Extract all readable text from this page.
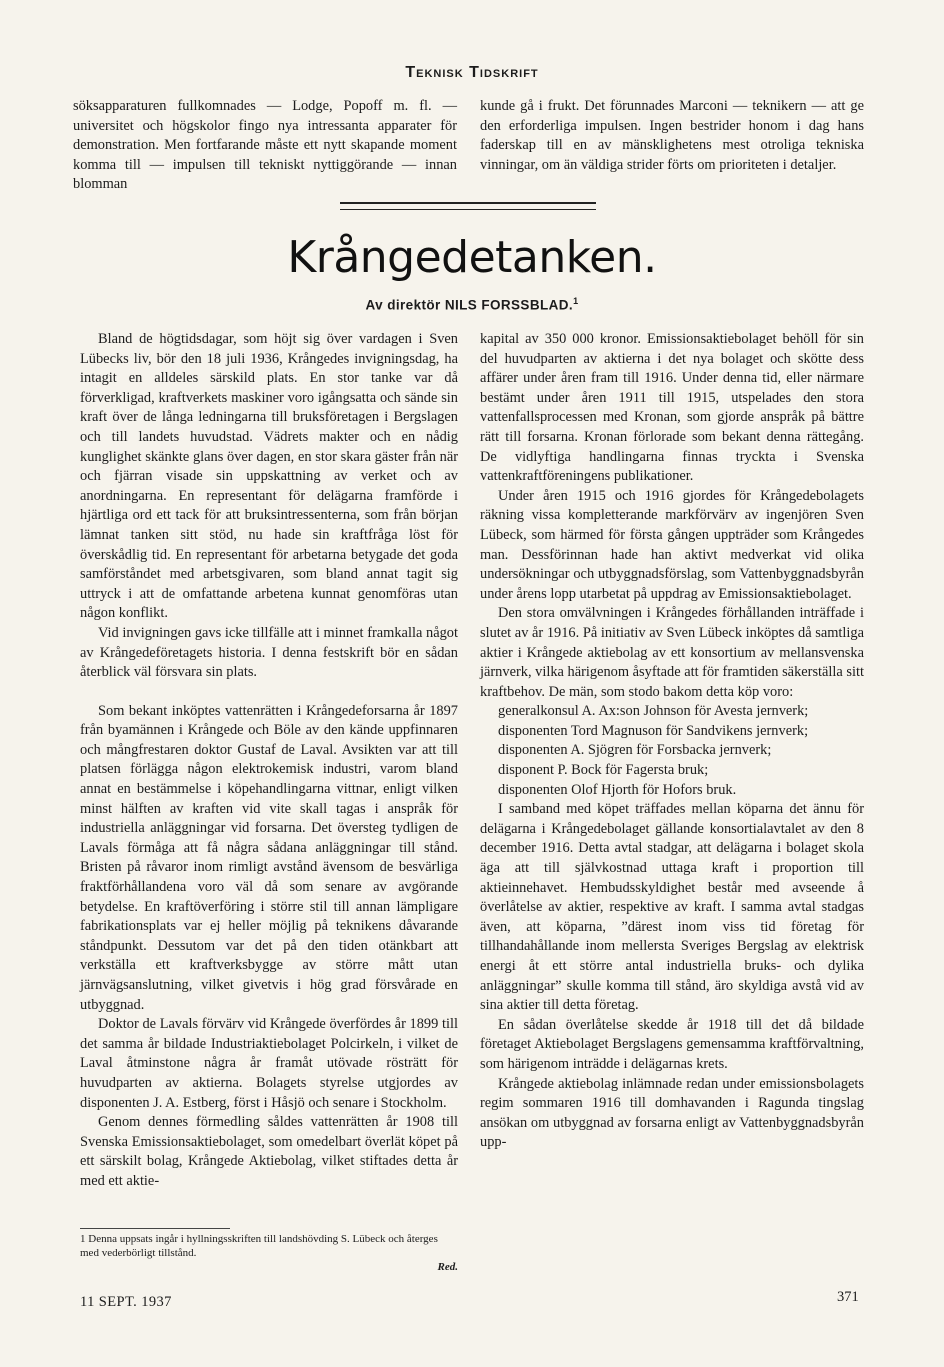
Teknisk Tidskrift

söksapparaturen fullkomnades — Lodge, Popoff m. fl. — universitet och högskolor fingo nya intressanta apparater för demonstration. Men fortfarande måste ett nytt skapande moment komma till — impulsen till tekniskt nyttiggörande — innan blomman

kunde gå i frukt. Det förunnades Marconi — teknikern — att ge den erforderliga impulsen. Ingen bestrider honom i dag hans faderskap till en av mänsklighetens mest otroliga tekniska vinningar, om än väldiga strider förts om prioriteten i detaljer.

Krångedetanken.
Av direktör NILS FORSSBLAD.$^1$

Bland de högtidsdagar, som höjt sig över vardagen i Sven Lübecks liv, bör den 18 juli 1936, Krångedes invigningsdag, ha intagit en alldeles särskild plats. En stor tanke var då förverkligad, kraftverkets maskiner voro igångsatta och sände sin kraft över de långa ledningarna till bruksföretagen i Bergslagen och till landets huvudstad. Vädrets makter och en nådig kunglighet skänkte glans över dagen, en stor skara gäster från när och fjärran visade sin uppskattning av verket och av anordningarna. En representant för delägarna framförde i hjärtliga ord ett tack för att bruksintressenterna, som från början lämnat tanken sitt stöd, nu hade sin kraftfråga löst för överskådlig tid. En representant för arbetarna betygade det goda samförståndet med arbetsgivaren, som bland annat tagit sig uttryck i att de omfattande arbetena kunnat genomföras utan någon konflikt.

Vid invigningen gavs icke tillfälle att i minnet framkalla något av Krångedeföretagets historia. I denna festskrift bör en sådan återblick väl försvara sin plats.

Som bekant inköptes vattenrätten i Krångedeforsarna år 1897 från byamännen i Krångede och Böle av den kände uppfinnaren och mångfrestaren doktor Gustaf de Laval. Avsikten var att till platsen förlägga någon elektrokemisk industri, varom bland annat en bestämmelse i köpehandlingarna vittnar, enligt vilken minst hälften av kraften vid vite skall tagas i anspråk för industriella anläggningar vid forsarna. Det översteg tydligen de Lavals förmåga att få några sådana anläggningar till stånd. Bristen på råvaror inom rimligt avstånd ävensom de besvärliga fraktförhållandena voro väl då som senare av avgörande betydelse. En kraftöverföring i större stil till annan lämpligare fabrikationsplats var ej heller möjlig på teknikens dåvarande ståndpunkt. Dessutom var det på den tiden otänkbart att verkställa ett kraftverksbygge av större mått utan järnvägsanslutning, vilket givetvis i hög grad försvårade en utbyggnad.

Doktor de Lavals förvärv vid Krångede överfördes år 1899 till det samma år bildade Industriaktiebolaget Polcirkeln, i vilket de Laval åtminstone några år framåt utövade rösträtt för huvudparten av aktierna. Bolagets styrelse utgjordes av disponenten J. A. Estberg, först i Håsjö och senare i Stockholm.

Genom dennes förmedling såldes vattenrätten år 1908 till Svenska Emissionsaktiebolaget, som omedelbart överlät köpet på ett särskilt bolag, Krångede Aktiebolag, vilket stiftades detta år med ett aktie-

kapital av 350 000 kronor. Emissionsaktiebolaget behöll för sin del huvudparten av aktierna i det nya bolaget och skötte dess affärer under åren fram till 1916. Under denna tid, eller närmare bestämt under åren 1911 till 1915, utspelades den stora vattenfallsprocessen med Kronan, som gjorde anspråk på bättre rätt till forsarna. Kronan förlorade som bekant denna rättegång. De vidlyftiga handlingarna finnas tryckta i Svenska vattenkraftföreningens publikationer.

Under åren 1915 och 1916 gjordes för Krångedebolagets räkning vissa kompletterande markförvärv av ingenjören Sven Lübeck, som härmed för första gången uppträder som Krångedes man. Dessförinnan hade han aktivt medverkat vid olika undersökningar och utbyggnadsförslag, som Vattenbyggnadsbyrån under årens lopp utarbetat på uppdrag av Emissionsaktiebolaget.

Den stora omvälvningen i Krångedes förhållanden inträffade i slutet av år 1916. På initiativ av Sven Lübeck inköptes då samtliga aktier i Krångede aktiebolag av ett konsortium av mellansvenska järnverk, vilka härigenom åsyftade att för framtiden säkerställa sitt kraftbehov. De män, som stodo bakom detta köp voro:

generalkonsul A. Ax:son Johnson för Avesta jernverk;

disponenten Tord Magnuson för Sandvikens jernverk;

disponenten A. Sjögren för Forsbacka jernverk;

disponent P. Bock för Fagersta bruk;

disponenten Olof Hjorth för Hofors bruk.

I samband med köpet träffades mellan köparna det ännu för delägarna i Krångedebolaget gällande konsortialavtalet av den 8 december 1916. Detta avtal stadgar, att delägarna i bolaget skola äga att till självkostnad uttaga kraft i proportion till aktieinnehavet. Hembudsskyldighet består med avseende å överlåtelse av aktier, respektive av kraft. I samma avtal stadgas även, att köparna, ”därest inom viss tid företag för tillhandahållande inom mellersta Sveriges Bergslag av elektrisk energi åt ett större antal industriella bruks- och dylika anläggningar” skulle komma till stånd, äro skyldiga avstå vid av sina aktier till detta företag.

En sådan överlåtelse skedde år 1918 till det då bildade företaget Aktiebolaget Bergslagens gemensamma kraftförvaltning, som härigenom inträdde i delägarnas krets.

Krångede aktiebolag inlämnade redan under emissionsbolagets regim sommaren 1916 till domhavanden i Ragunda tingslag ansökan om utbyggnad av forsarna enligt av Vattenbyggnadsbyrån upp-

1 Denna uppsats ingår i hyllningsskriften till landshövding S. Lübeck och återges med vederbörligt tillstånd.
Red.
11 SEPT. 1937	371
